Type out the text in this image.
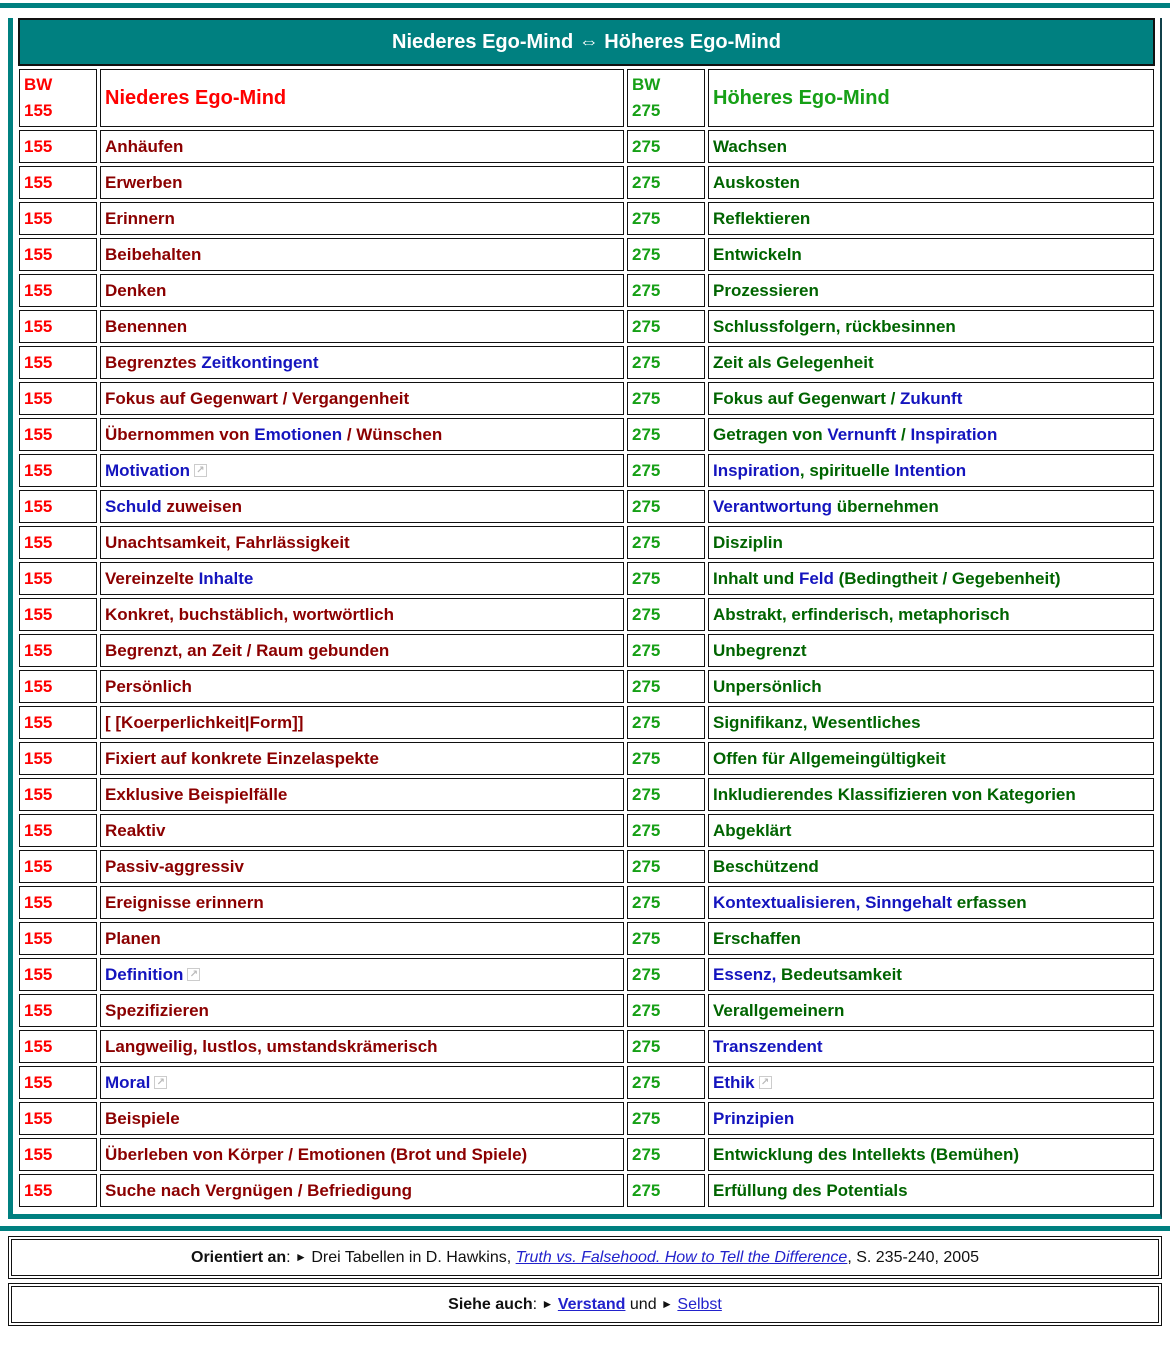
Niederes Ego-Mind ⇔ Höheres Ego-Mind
BW
155
	Niederes Ego-Mind	
BW
275
	Höheres Ego-Mind
155	Anhäufen	275	Wachsen
155	Erwerben	275	Auskosten
155	Erinnern	275	Reflektieren
155	Beibehalten	275	Entwickeln
155	Denken	275	Prozessieren
155	Benennen	275	Schlussfolgern, rückbesinnen
155	Begrenztes Zeitkontingent	275	Zeit als Gelegenheit
155	Fokus auf Gegenwart / Vergangenheit	275	Fokus auf Gegenwart / Zukunft
155	Übernommen von Emotionen / Wünschen	275	Getragen von Vernunft / Inspiration
155	Motivation ↗	275	Inspiration, spirituelle Intention
155	Schuld zuweisen	275	Verantwortung übernehmen
155	Unachtsamkeit, Fahrlässigkeit	275	Disziplin
155	Vereinzelte Inhalte	275	Inhalt und Feld (Bedingtheit / Gegebenheit)
155	Konkret, buchstäblich, wortwörtlich	275	Abstrakt, erfinderisch, metaphorisch
155	Begrenzt, an Zeit / Raum gebunden	275	Unbegrenzt
155	Persönlich	275	Unpersönlich
155	[ [Koerperlichkeit|Form]]	275	Signifikanz, Wesentliches
155	Fixiert auf konkrete Einzelaspekte	275	Offen für Allgemeingültigkeit
155	Exklusive Beispielfälle	275	Inkludierendes Klassifizieren von Kategorien
155	Reaktiv	275	Abgeklärt
155	Passiv-aggressiv	275	Beschützend
155	Ereignisse erinnern	275	Kontextualisieren, Sinngehalt erfassen
155	Planen	275	Erschaffen
155	Definition ↗	275	Essenz, Bedeutsamkeit
155	Spezifizieren	275	Verallgemeinern
155	Langweilig, lustlos, umstandskrämerisch	275	Transzendent
155	Moral ↗	275	Ethik ↗
155	Beispiele	275	Prinzipien
155	Überleben von Körper / Emotionen (Brot und Spiele)	275	Entwicklung des Intellekts (Bemühen)
155	Suche nach Vergnügen / Befriedigung	275	Erfüllung des Potentials
Orientiert an: ► Drei Tabellen in D. Hawkins, Truth vs. Falsehood. How to Tell the Difference, S. 235-240, 2005
Siehe auch: ► Verstand und ► Selbst
